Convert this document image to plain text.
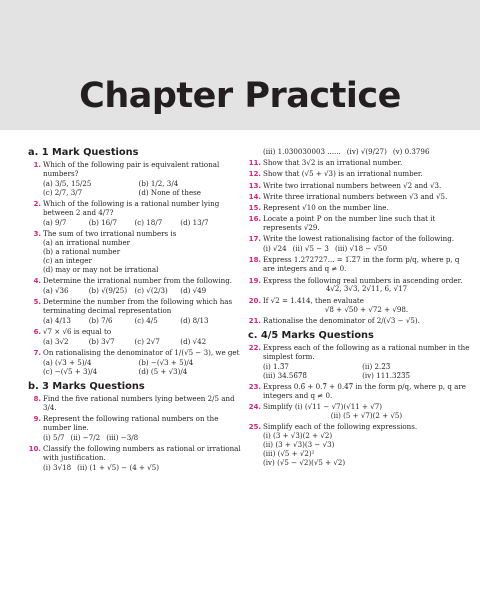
Chapter Practice
a. 1 Mark Questions
1. Which of the following pair is equivalent rational numbers?
(a) 3/5, 15/25	(b) 1/2, 3/4
(c) 2/7, 3/7	(d) None of these
2. Which of the following is a rational number lying between 2 and 4/7?
(a) 9/7	(b) 16/7	(c) 18/7	(d) 13/7
3. The sum of two irrational numbers is
(a) an irrational number
(b) a rational number
(c) an integer
(d) may or may not be irrational
4. Determine the irrational number from the following.
(a) √36	(b) √(9/25)	(c) √(2/3)	(d) √49
5. Determine the number from the following which has terminating decimal representation
(a) 4/13	(b) 7/6	(c) 4/5	(d) 8/13
6. √7 × √6 is equal to
(a) 3√2	(b) 3√7	(c) 2√7	(d) √42
7. On rationalising the denominator of 1/(√5 − 3), we get
(a) (√3 + 5)/4	(b) −(√3 + 5)/4
(c) −(√5 + 3)/4	(d) (5 + √3)/4
b. 3 Marks Questions
8. Find the five rational numbers lying between 2/5 and 3/4.
9. Represent the following rational numbers on the number line.
(i) 5/7 (ii) −7/2 (iii) −3/8
10. Classify the following numbers as rational or irrational with justification.
(i) 3√18 (ii) (1 + √5) − (4 + √5)
(iii) 1.030030003 ...... (iv) √(9/27) (v) 0.3796
11. Show that 3√2 is an irrational number.
12. Show that (√5 + √3) is an irrational number.
13. Write two irrational numbers between √2 and √3.
14. Write three irrational numbers between √3 and √5.
15. Represent √10 on the number line.
16. Locate a point P on the number line such that it represents √29.
17. Write the lowest rationalising factor of the following.
(i) √24 (ii) √5 − 3 (iii) √18 − √50
18. Express 1.272727... = 1.̅2̅7 in the form p/q, where p, q are integers and q ≠ 0.
19. Express the following real numbers in ascending order.
4√2, 3√3, 2√11, 6, √17
20. If √2 = 1.414, then evaluate
√8 + √50 + √72 + √98.
21. Rationalise the denominator of 2/(√3 − √5).
c. 4/5 Marks Questions
22. Express each of the following as a rational number in the simplest form.
(i) 1.3̅7	(ii) 2.2̅3̅
(iii) 34.56̅7̅8̅	(iv) 111.32̅3̅5̅
23. Express 0.6̅ + 0.7̅ + 0.4̅7̅ in the form p/q, where p, q are integers and q ≠ 0.
24. Simplify (i) (√11 − √7)(√11 + √7)
(ii) (5 + √7)(2 + √5)
25. Simplify each of the following expressions.
(i) (3 + √3)(2 + √2)
(ii) (3 + √3)(3 − √3)
(iii) (√5 + √2)²
(iv) (√5 − √2)(√5 + √2)
